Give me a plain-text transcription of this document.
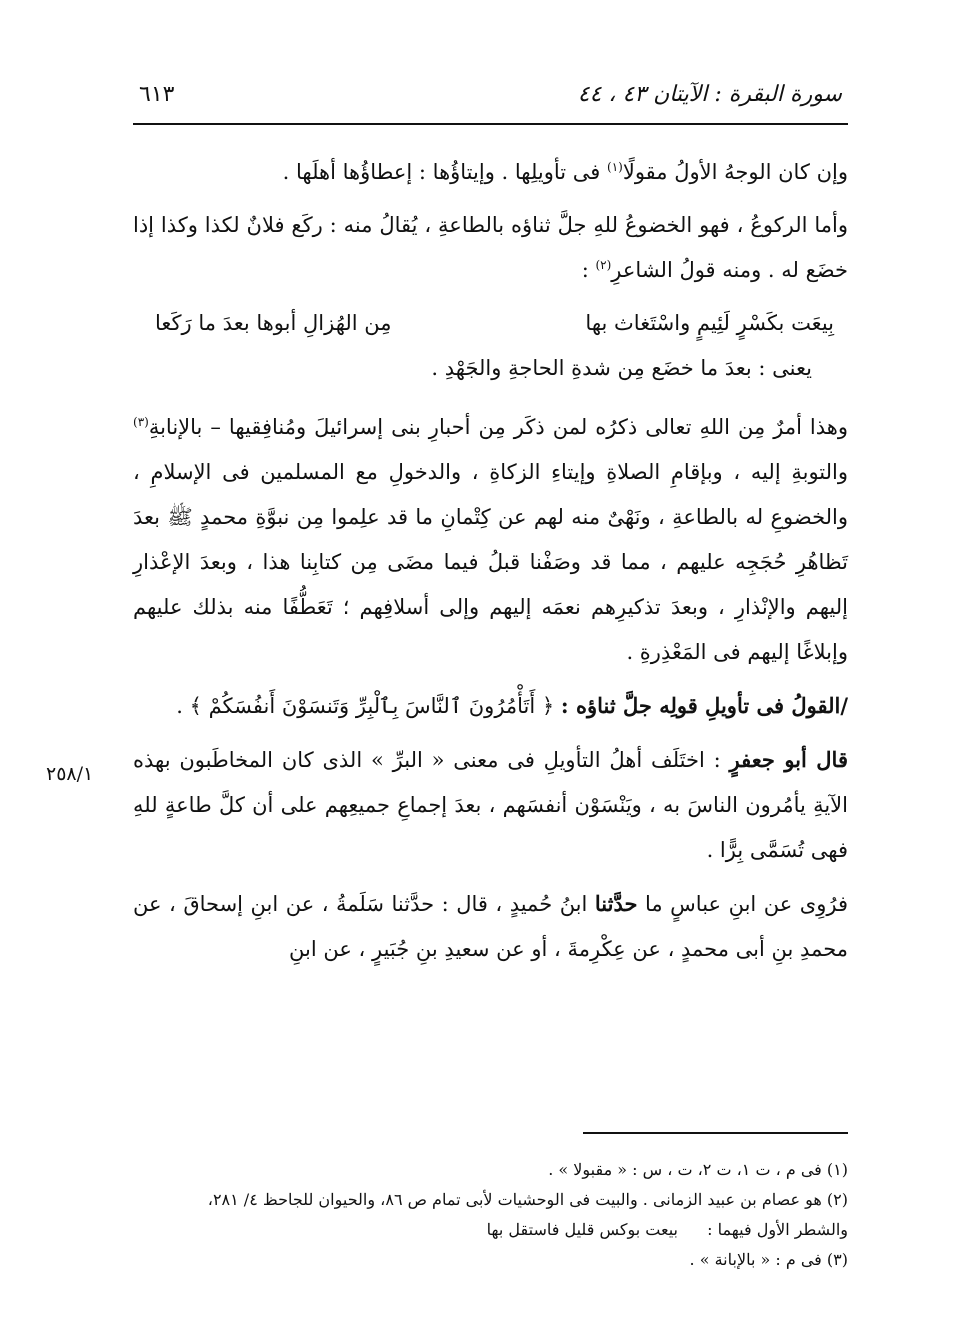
سورة البقرة : الآيتان ٤٣ ، ٤٤
٦١٣
٢٥٨/١

وإن كان الوجهُ الأولُ مقولًا$^{(١)}$ فى تأويلِها . وإيتاؤُها : إعطاؤُها أهلَها .

وأما الركوعُ ، فهو الخضوعُ للهِ جلَّ ثناؤه بالطاعةِ ، يُقالُ منه : ركَع فلانٌ لكذا وكذا إذا خضَع له . ومنه قولُ الشاعرِ$^{(٢)}$ :

بِيعَت بكَسْرٍ لَئِيمٍ واسْتَغاث بها
مِن الهُزالِ أبوها بعدَ ما رَكَعا

يعنى : بعدَ ما خضَع مِن شدةِ الحاجةِ والجَهْدِ .

وهذا أمرٌ مِن اللهِ تعالى ذكرُه لمن ذكَر مِن أحبارِ بنى إسرائيلَ ومُنافِقيها – بالإنابةِ$^{(٣)}$ والتوبةِ إليه ، وبإقامِ الصلاةِ وإيتاءِ الزكاةِ ، والدخولِ مع المسلمين فى الإسلامِ ، والخضوعِ له بالطاعةِ ، ونَهْىٌ منه لهم عن كِتْمانِ ما قد علِموا مِن نبوَّةِ محمدٍ ﷺ بعدَ تَظاهُرِ حُجَجِه عليهم ، مما قد وصَفْنا قبلُ فيما مضَى مِن كتابِنا هذا ، وبعدَ الإعْذارِ إليهم والإنْذارِ ، وبعدَ تذكيرِهم نعمَه إليهم وإلى أسلافِهم ؛ تَعَطُّفًا منه بذلك عليهم وإبلاغًا إليهم فى المَعْذِرةِ .

/القولُ فى تأويلِ قولِه جلَّ ثناؤه : ﴿ أَتَأْمُرُونَ ٱلنَّاسَ بِٱلْبِرِّ وَتَنسَوْنَ أَنفُسَكُمْ ﴾ .

قال أبو جعفرٍ : اختَلَف أهلُ التأويلِ فى معنى « البرِّ » الذى كان المخاطَبون بهذه الآيةِ يأمُرون الناسَ به ، ويَنْسَوْن أنفسَهم ، بعدَ إجماعِ جميعِهم على أن كلَّ طاعةٍ للهِ فهى تُسَمَّى بِرًّا .

فرُوِى عن ابنِ عباسٍ ما حدَّثنا ابنُ حُميدٍ ، قال : حدَّثنا سَلَمةُ ، عن ابنِ إسحاقَ ، عن محمدِ بنِ أبى محمدٍ ، عن عِكْرِمةَ ، أو عن سعيدِ بنِ جُبَيرٍ ، عن ابنِ

(١) فى م ، ت ١، ت ٢، ت ، س : « مقبولا » .

(٢) هو عصام بن عبيد الزمانى . والبيت فى الوحشيات لأبى تمام ص ٨٦، والحيوان للجاحظ ٤/ ٢٨١،

والشطر الأول فيهما :
بيعت بوكس قليل فاستقل بها

(٣) فى م : « بالإبانة » .
